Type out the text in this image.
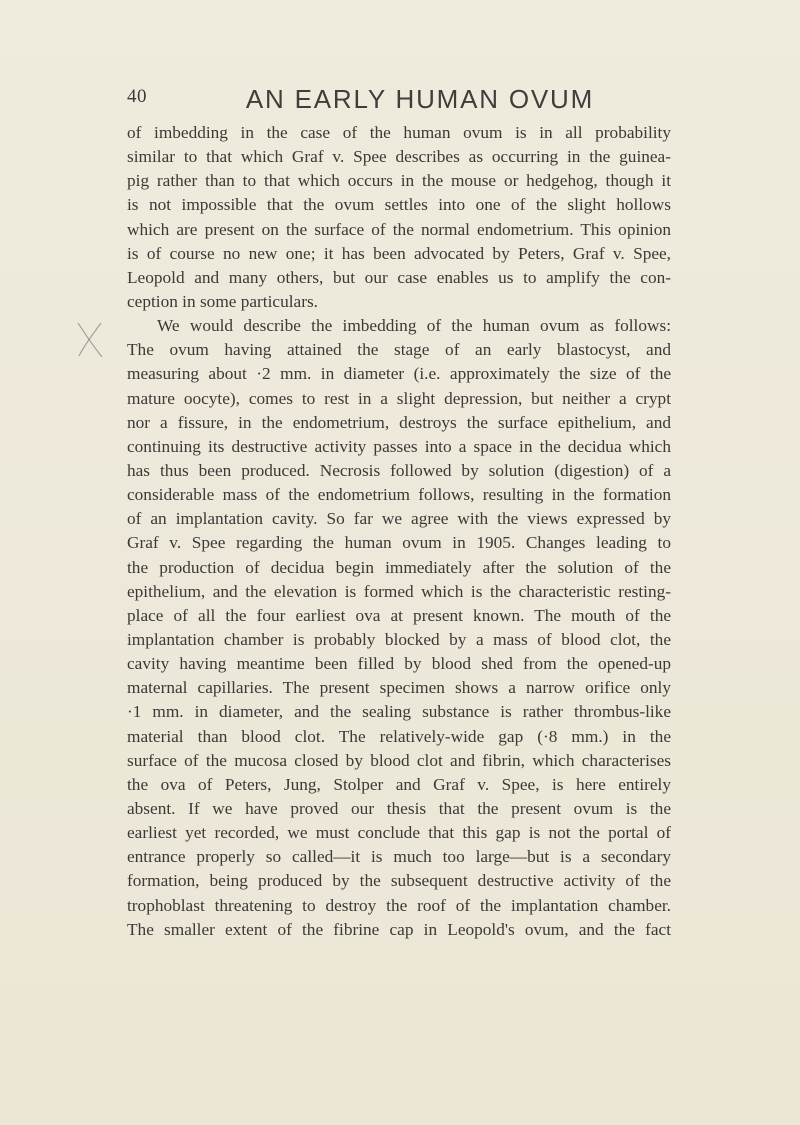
40	AN EARLY HUMAN OVUM
of imbedding in the case of the human ovum is in all probability
similar to that which Graf v. Spee describes as occurring in the guinea-
pig rather than to that which occurs in the mouse or hedgehog, though it
is not impossible that the ovum settles into one of the slight hollows
which are present on the surface of the normal endometrium. This opinion
is of course no new one; it has been advocated by Peters, Graf v. Spee,
Leopold and many others, but our case enables us to amplify the con-
ception in some particulars.
We would describe the imbedding of the human ovum as follows:
The ovum having attained the stage of an early blastocyst, and
measuring about ·2 mm. in diameter (i.e. approximately the size of the
mature oocyte), comes to rest in a slight depression, but neither a crypt
nor a fissure, in the endometrium, destroys the surface epithelium, and
continuing its destructive activity passes into a space in the decidua which
has thus been produced. Necrosis followed by solution (digestion) of a
considerable mass of the endometrium follows, resulting in the formation
of an implantation cavity. So far we agree with the views expressed by
Graf v. Spee regarding the human ovum in 1905. Changes leading to
the production of decidua begin immediately after the solution of the
epithelium, and the elevation is formed which is the characteristic resting-
place of all the four earliest ova at present known. The mouth of the
implantation chamber is probably blocked by a mass of blood clot, the
cavity having meantime been filled by blood shed from the opened-up
maternal capillaries. The present specimen shows a narrow orifice only
·1 mm. in diameter, and the sealing substance is rather thrombus-like
material than blood clot. The relatively-wide gap (·8 mm.) in the
surface of the mucosa closed by blood clot and fibrin, which characterises
the ova of Peters, Jung, Stolper and Graf v. Spee, is here entirely
absent. If we have proved our thesis that the present ovum is the
earliest yet recorded, we must conclude that this gap is not the portal of
entrance properly so called—it is much too large—but is a secondary
formation, being produced by the subsequent destructive activity of the
trophoblast threatening to destroy the roof of the implantation chamber.
The smaller extent of the fibrine cap in Leopold's ovum, and the fact
